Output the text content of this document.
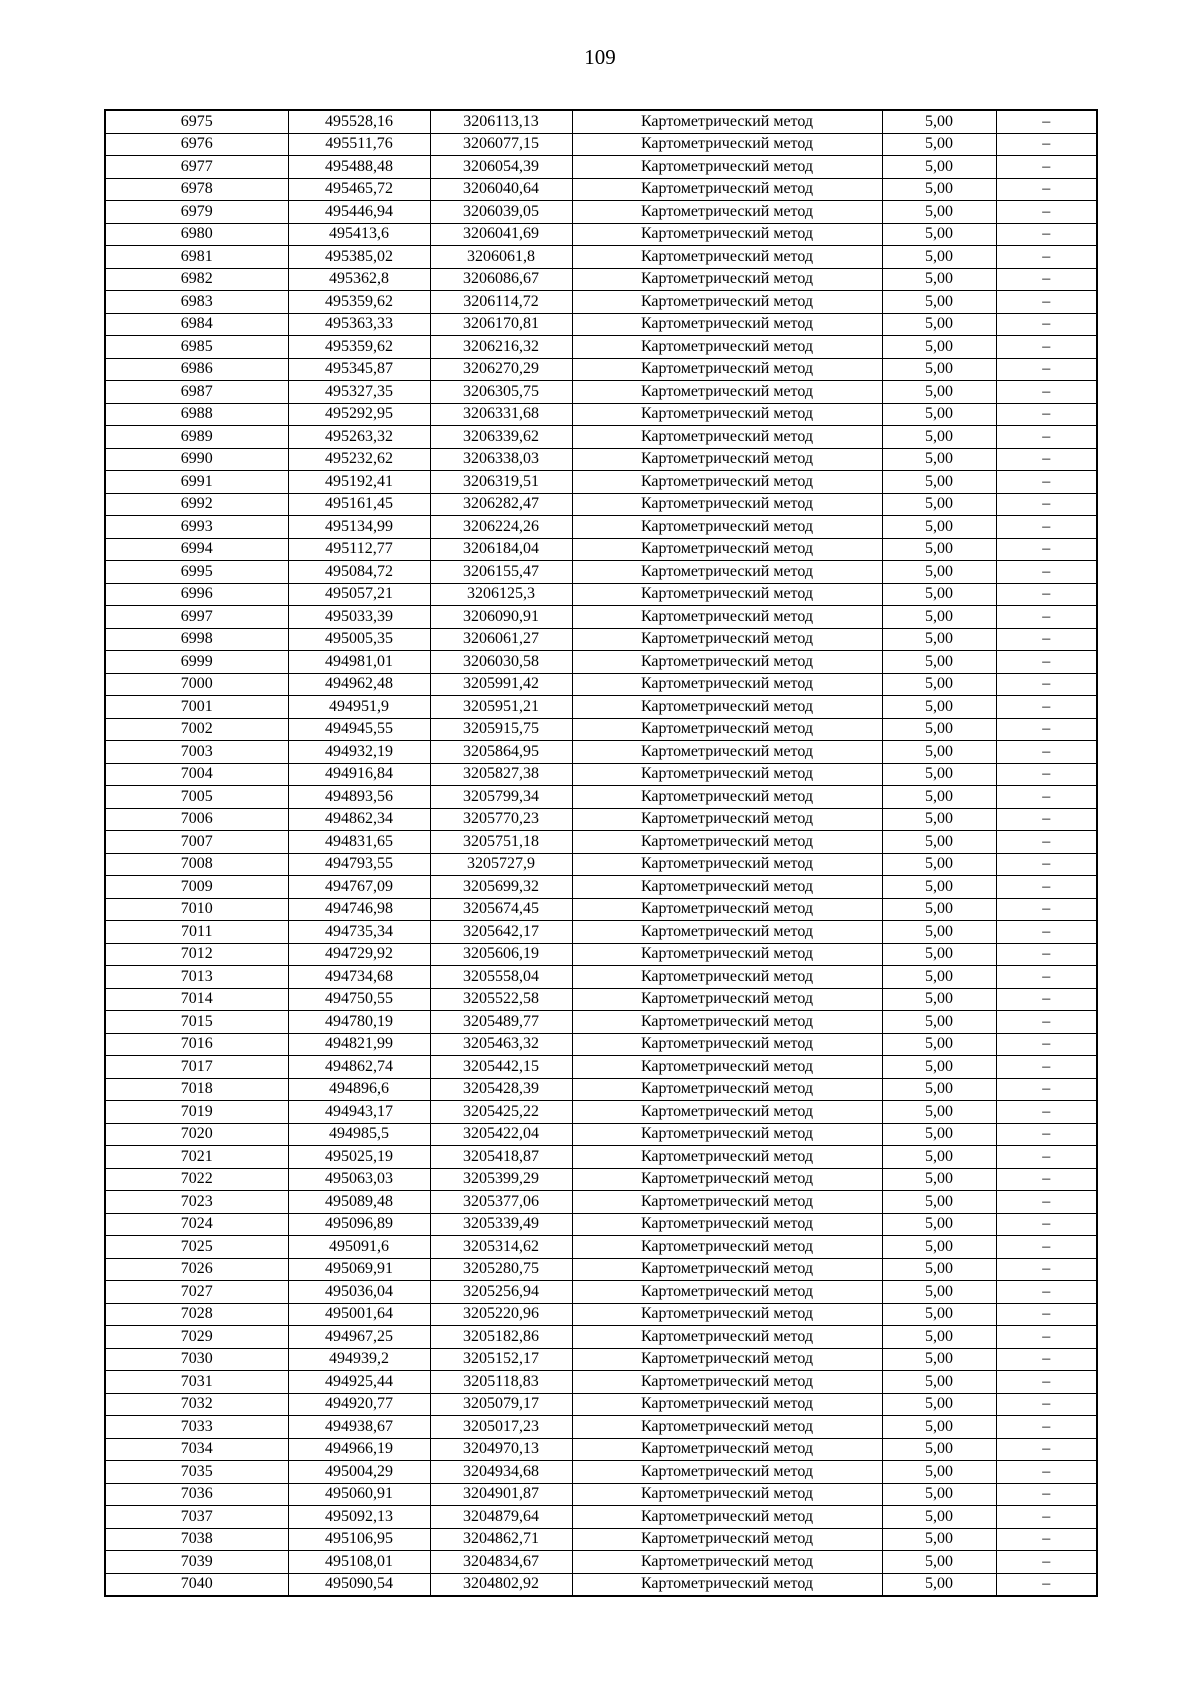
109
6975	495528,16	3206113,13	Картометрический метод	5,00	–
6976	495511,76	3206077,15	Картометрический метод	5,00	–
6977	495488,48	3206054,39	Картометрический метод	5,00	–
6978	495465,72	3206040,64	Картометрический метод	5,00	–
6979	495446,94	3206039,05	Картометрический метод	5,00	–
6980	495413,6	3206041,69	Картометрический метод	5,00	–
6981	495385,02	3206061,8	Картометрический метод	5,00	–
6982	495362,8	3206086,67	Картометрический метод	5,00	–
6983	495359,62	3206114,72	Картометрический метод	5,00	–
6984	495363,33	3206170,81	Картометрический метод	5,00	–
6985	495359,62	3206216,32	Картометрический метод	5,00	–
6986	495345,87	3206270,29	Картометрический метод	5,00	–
6987	495327,35	3206305,75	Картометрический метод	5,00	–
6988	495292,95	3206331,68	Картометрический метод	5,00	–
6989	495263,32	3206339,62	Картометрический метод	5,00	–
6990	495232,62	3206338,03	Картометрический метод	5,00	–
6991	495192,41	3206319,51	Картометрический метод	5,00	–
6992	495161,45	3206282,47	Картометрический метод	5,00	–
6993	495134,99	3206224,26	Картометрический метод	5,00	–
6994	495112,77	3206184,04	Картометрический метод	5,00	–
6995	495084,72	3206155,47	Картометрический метод	5,00	–
6996	495057,21	3206125,3	Картометрический метод	5,00	–
6997	495033,39	3206090,91	Картометрический метод	5,00	–
6998	495005,35	3206061,27	Картометрический метод	5,00	–
6999	494981,01	3206030,58	Картометрический метод	5,00	–
7000	494962,48	3205991,42	Картометрический метод	5,00	–
7001	494951,9	3205951,21	Картометрический метод	5,00	–
7002	494945,55	3205915,75	Картометрический метод	5,00	–
7003	494932,19	3205864,95	Картометрический метод	5,00	–
7004	494916,84	3205827,38	Картометрический метод	5,00	–
7005	494893,56	3205799,34	Картометрический метод	5,00	–
7006	494862,34	3205770,23	Картометрический метод	5,00	–
7007	494831,65	3205751,18	Картометрический метод	5,00	–
7008	494793,55	3205727,9	Картометрический метод	5,00	–
7009	494767,09	3205699,32	Картометрический метод	5,00	–
7010	494746,98	3205674,45	Картометрический метод	5,00	–
7011	494735,34	3205642,17	Картометрический метод	5,00	–
7012	494729,92	3205606,19	Картометрический метод	5,00	–
7013	494734,68	3205558,04	Картометрический метод	5,00	–
7014	494750,55	3205522,58	Картометрический метод	5,00	–
7015	494780,19	3205489,77	Картометрический метод	5,00	–
7016	494821,99	3205463,32	Картометрический метод	5,00	–
7017	494862,74	3205442,15	Картометрический метод	5,00	–
7018	494896,6	3205428,39	Картометрический метод	5,00	–
7019	494943,17	3205425,22	Картометрический метод	5,00	–
7020	494985,5	3205422,04	Картометрический метод	5,00	–
7021	495025,19	3205418,87	Картометрический метод	5,00	–
7022	495063,03	3205399,29	Картометрический метод	5,00	–
7023	495089,48	3205377,06	Картометрический метод	5,00	–
7024	495096,89	3205339,49	Картометрический метод	5,00	–
7025	495091,6	3205314,62	Картометрический метод	5,00	–
7026	495069,91	3205280,75	Картометрический метод	5,00	–
7027	495036,04	3205256,94	Картометрический метод	5,00	–
7028	495001,64	3205220,96	Картометрический метод	5,00	–
7029	494967,25	3205182,86	Картометрический метод	5,00	–
7030	494939,2	3205152,17	Картометрический метод	5,00	–
7031	494925,44	3205118,83	Картометрический метод	5,00	–
7032	494920,77	3205079,17	Картометрический метод	5,00	–
7033	494938,67	3205017,23	Картометрический метод	5,00	–
7034	494966,19	3204970,13	Картометрический метод	5,00	–
7035	495004,29	3204934,68	Картометрический метод	5,00	–
7036	495060,91	3204901,87	Картометрический метод	5,00	–
7037	495092,13	3204879,64	Картометрический метод	5,00	–
7038	495106,95	3204862,71	Картометрический метод	5,00	–
7039	495108,01	3204834,67	Картометрический метод	5,00	–
7040	495090,54	3204802,92	Картометрический метод	5,00	–
